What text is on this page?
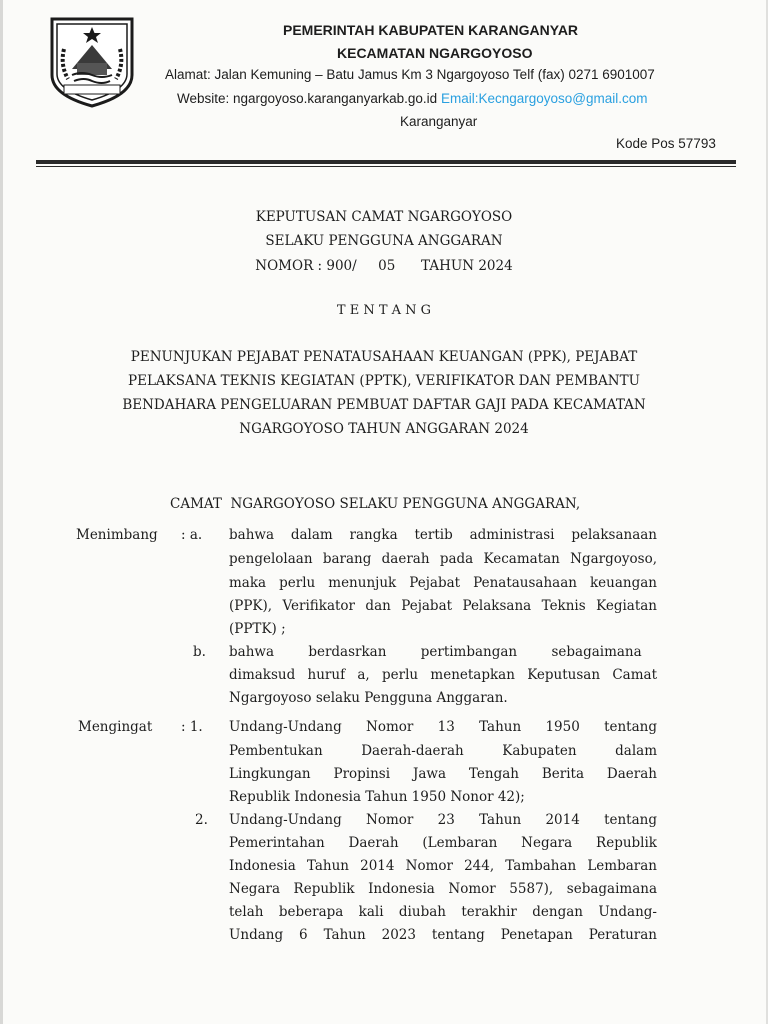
PEMERINTAH KABUPATEN KARANGANYAR
KECAMATAN NGARGOYOSO
Alamat: Jalan Kemuning – Batu Jamus Km 3 Ngargoyoso Telf (fax) 0271 6901007
Website: ngargoyoso.karanganyarkab.go.id Email:Kecngargoyoso@gmail.com
Karanganyar
Kode Pos 57793
KEPUTUSAN CAMAT NGARGOYOSO
SELAKU PENGGUNA ANGGARAN
NOMOR : 900/     05      TAHUN 2024
T E N T A N G
PENUNJUKAN PEJABAT PENATAUSAHAAN KEUANGAN (PPK), PEJABAT
PELAKSANA TEKNIS KEGIATAN (PPTK), VERIFIKATOR DAN PEMBANTU
BENDAHARA PENGELUARAN PEMBUAT DAFTAR GAJI PADA KECAMATAN
NGARGOYOSO TAHUN ANGGARAN 2024
CAMAT  NGARGOYOSO SELAKU PENGGUNA ANGGARAN,
Menimbang : a. bahwa dalam rangka tertib administrasi pelaksanaan
pengelolaan barang daerah pada Kecamatan Ngargoyoso,
maka perlu menunjuk Pejabat Penatausahaan keuangan
(PPK), Verifikator dan Pejabat Pelaksana Teknis Kegiatan
(PPTK) ;
b. bahwa        berdasrkan        pertimbangan        sebagaimana
dimaksud huruf a, perlu menetapkan Keputusan Camat
Ngargoyoso selaku Pengguna Anggaran.
Mengingat : 1. Undang-Undang Nomor 13 Tahun 1950 tentang
Pembentukan Daerah-daerah Kabupaten dalam
Lingkungan Propinsi Jawa Tengah Berita Daerah
Republik Indonesia Tahun 1950 Nonor 42);
2. Undang-Undang Nomor 23 Tahun 2014 tentang
Pemerintahan Daerah (Lembaran Negara Republik
Indonesia Tahun 2014 Nomor 244, Tambahan Lembaran
Negara Republik Indonesia Nomor 5587), sebagaimana
telah beberapa kali diubah terakhir dengan Undang-
Undang 6 Tahun 2023 tentang Penetapan Peraturan
